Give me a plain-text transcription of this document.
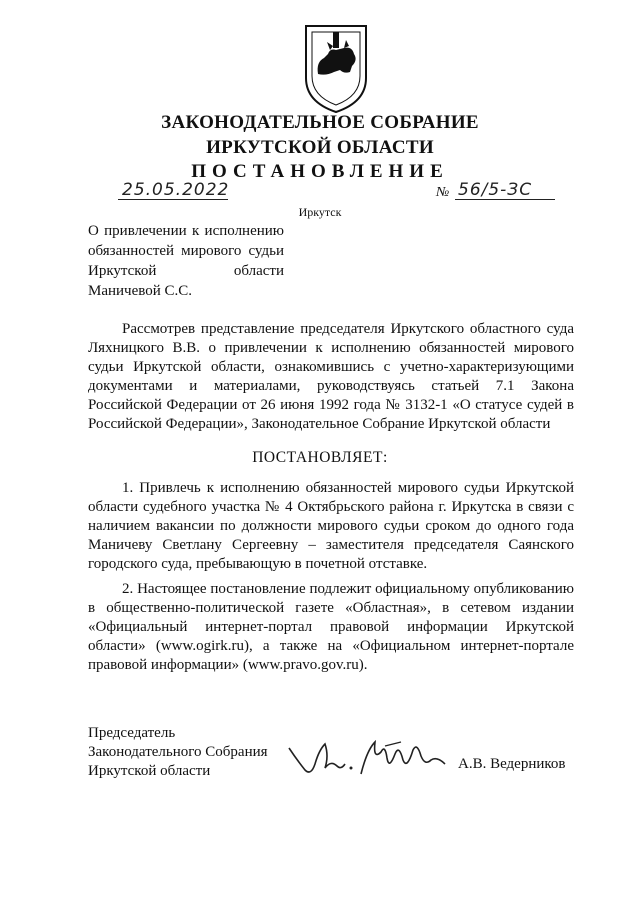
ЗАКОНОДАТЕЛЬНОЕ СОБРАНИЕ
ИРКУТСКОЙ ОБЛАСТИ
ПОСТАНОВЛЕНИЕ
25.05.2022	№ 56/5-ЗС
Иркутск
О привлечении к исполнению обязанностей мирового судьи Иркутской области Маничевой С.С.
Рассмотрев представление председателя Иркутского областного суда Ляхницкого В.В. о привлечении к исполнению обязанностей мирового судьи Иркутской области, ознакомившись с учетно-характеризующими документами и материалами, руководствуясь статьей 7.1 Закона Российской Федерации от 26 июня 1992 года № 3132-1 «О статусе судей в Российской Федерации», Законодательное Собрание Иркутской области
ПОСТАНОВЛЯЕТ:
1. Привлечь к исполнению обязанностей мирового судьи Иркутской области судебного участка № 4 Октябрьского района г. Иркутска в связи с наличием вакансии по должности мирового судьи сроком до одного года Маничеву Светлану Сергеевну – заместителя председателя Саянского городского суда, пребывающую в почетной отставке.
2. Настоящее постановление подлежит официальному опубликованию в общественно-политической газете «Областная», в сетевом издании «Официальный интернет-портал правовой информации Иркутской области» (www.ogirk.ru), а также на «Официальном интернет-портале правовой информации» (www.pravo.gov.ru).
Председатель
Законодательного Собрания
Иркутской области	А.В. Ведерников
